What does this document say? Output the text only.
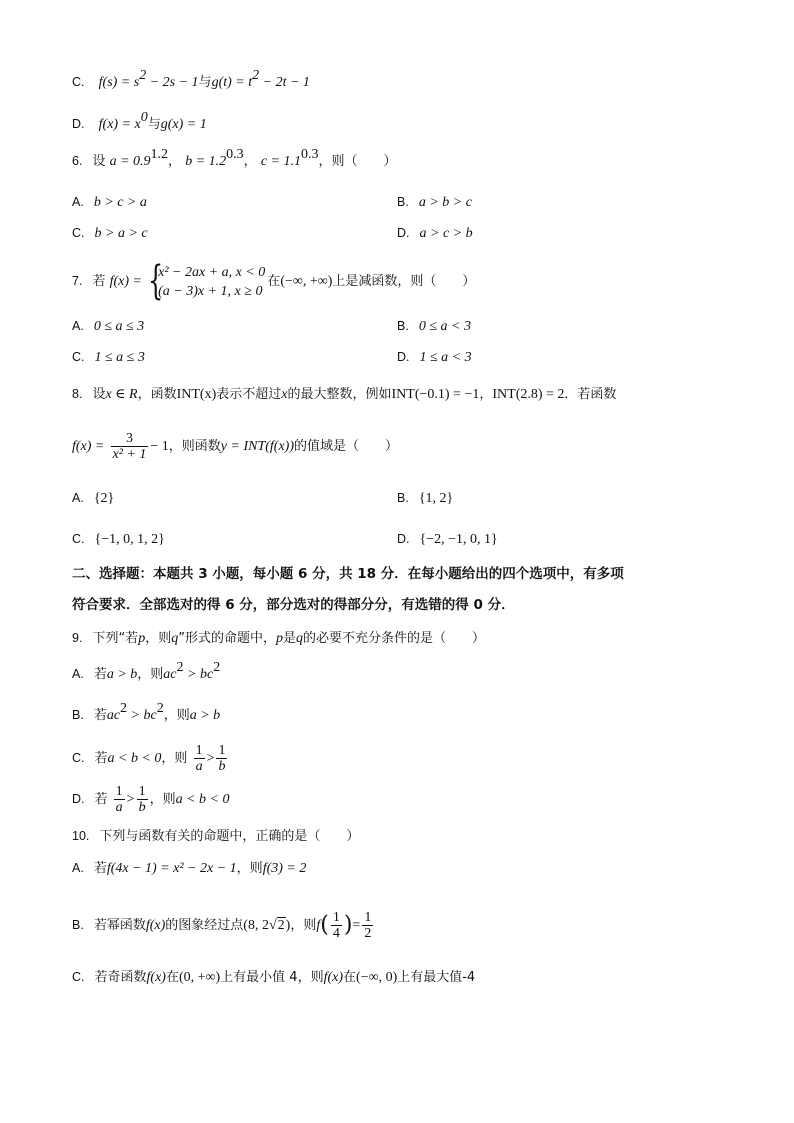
C. $f(s) = s^2 - 2s - 1$与$g(t) = t^2 - 2t - 1$
D. $f(x) = x^0$与g(x) = 1
6. 设 $a = 0.9^{1.2}$， $b = 1.2^{0.3}$， $c = 1.1^{0.3}$，则（　　）
A. b > c > a	B. a > b > c
C. b > a > c	D. a > c > b
7. 若 f(x) = {
x² − 2ax + a, x < 0
(a − 3)x + 1, x ≥ 0
在(−∞, +∞)上是减函数，则（　　）
A. 0 ≤ a ≤ 3	B. 0 ≤ a < 3
C. 1 ≤ a ≤ 3	D. 1 ≤ a < 3
8. 设x ∈ R，函数INT(x)表示不超过x的最大整数，例如INT(−0.1) = −1，INT(2.8) = 2．若函数
$f(x) = \frac{3}{\text{x² + 1}} - 1$，则函数y = INT(f(x))的值域是（　　）
A. {2}	B. {1, 2}
C. {−1, 0, 1, 2}	D. {−2, −1, 0, 1}
二、选择题：本题共 3 小题，每小题 6 分，共 18 分．在每小题给出的四个选项中，有多项
符合要求．全部选对的得 6 分，部分选对的得部分分，有选错的得 0 分．
9. 下列“若p，则q”形式的命题中，p是q的必要不充分条件的是（　　）
A. 若a > b，则$ac^2 > bc^2$
B. 若$ac^2 > bc^2$，则a > b
C. 若a < b < 0，则 $\frac{1}{a} > \frac{1}{b}$
D. 若 $\frac{1}{a} > \frac{1}{b}$ ，则a < b < 0
10. 下列与函数有关的命题中，正确的是（　　）
A. 若f(4x − 1) = x² − 2x − 1，则f(3) = 2
B. 若幂函数f(x)的图象经过点(8, 2√2)，则$f( \frac{1}{4}$ )= $\frac{1}{2}$
C. 若奇函数f(x)在(0, +∞)上有最小值 4，则f(x)在(−∞, 0)上有最大值-4
